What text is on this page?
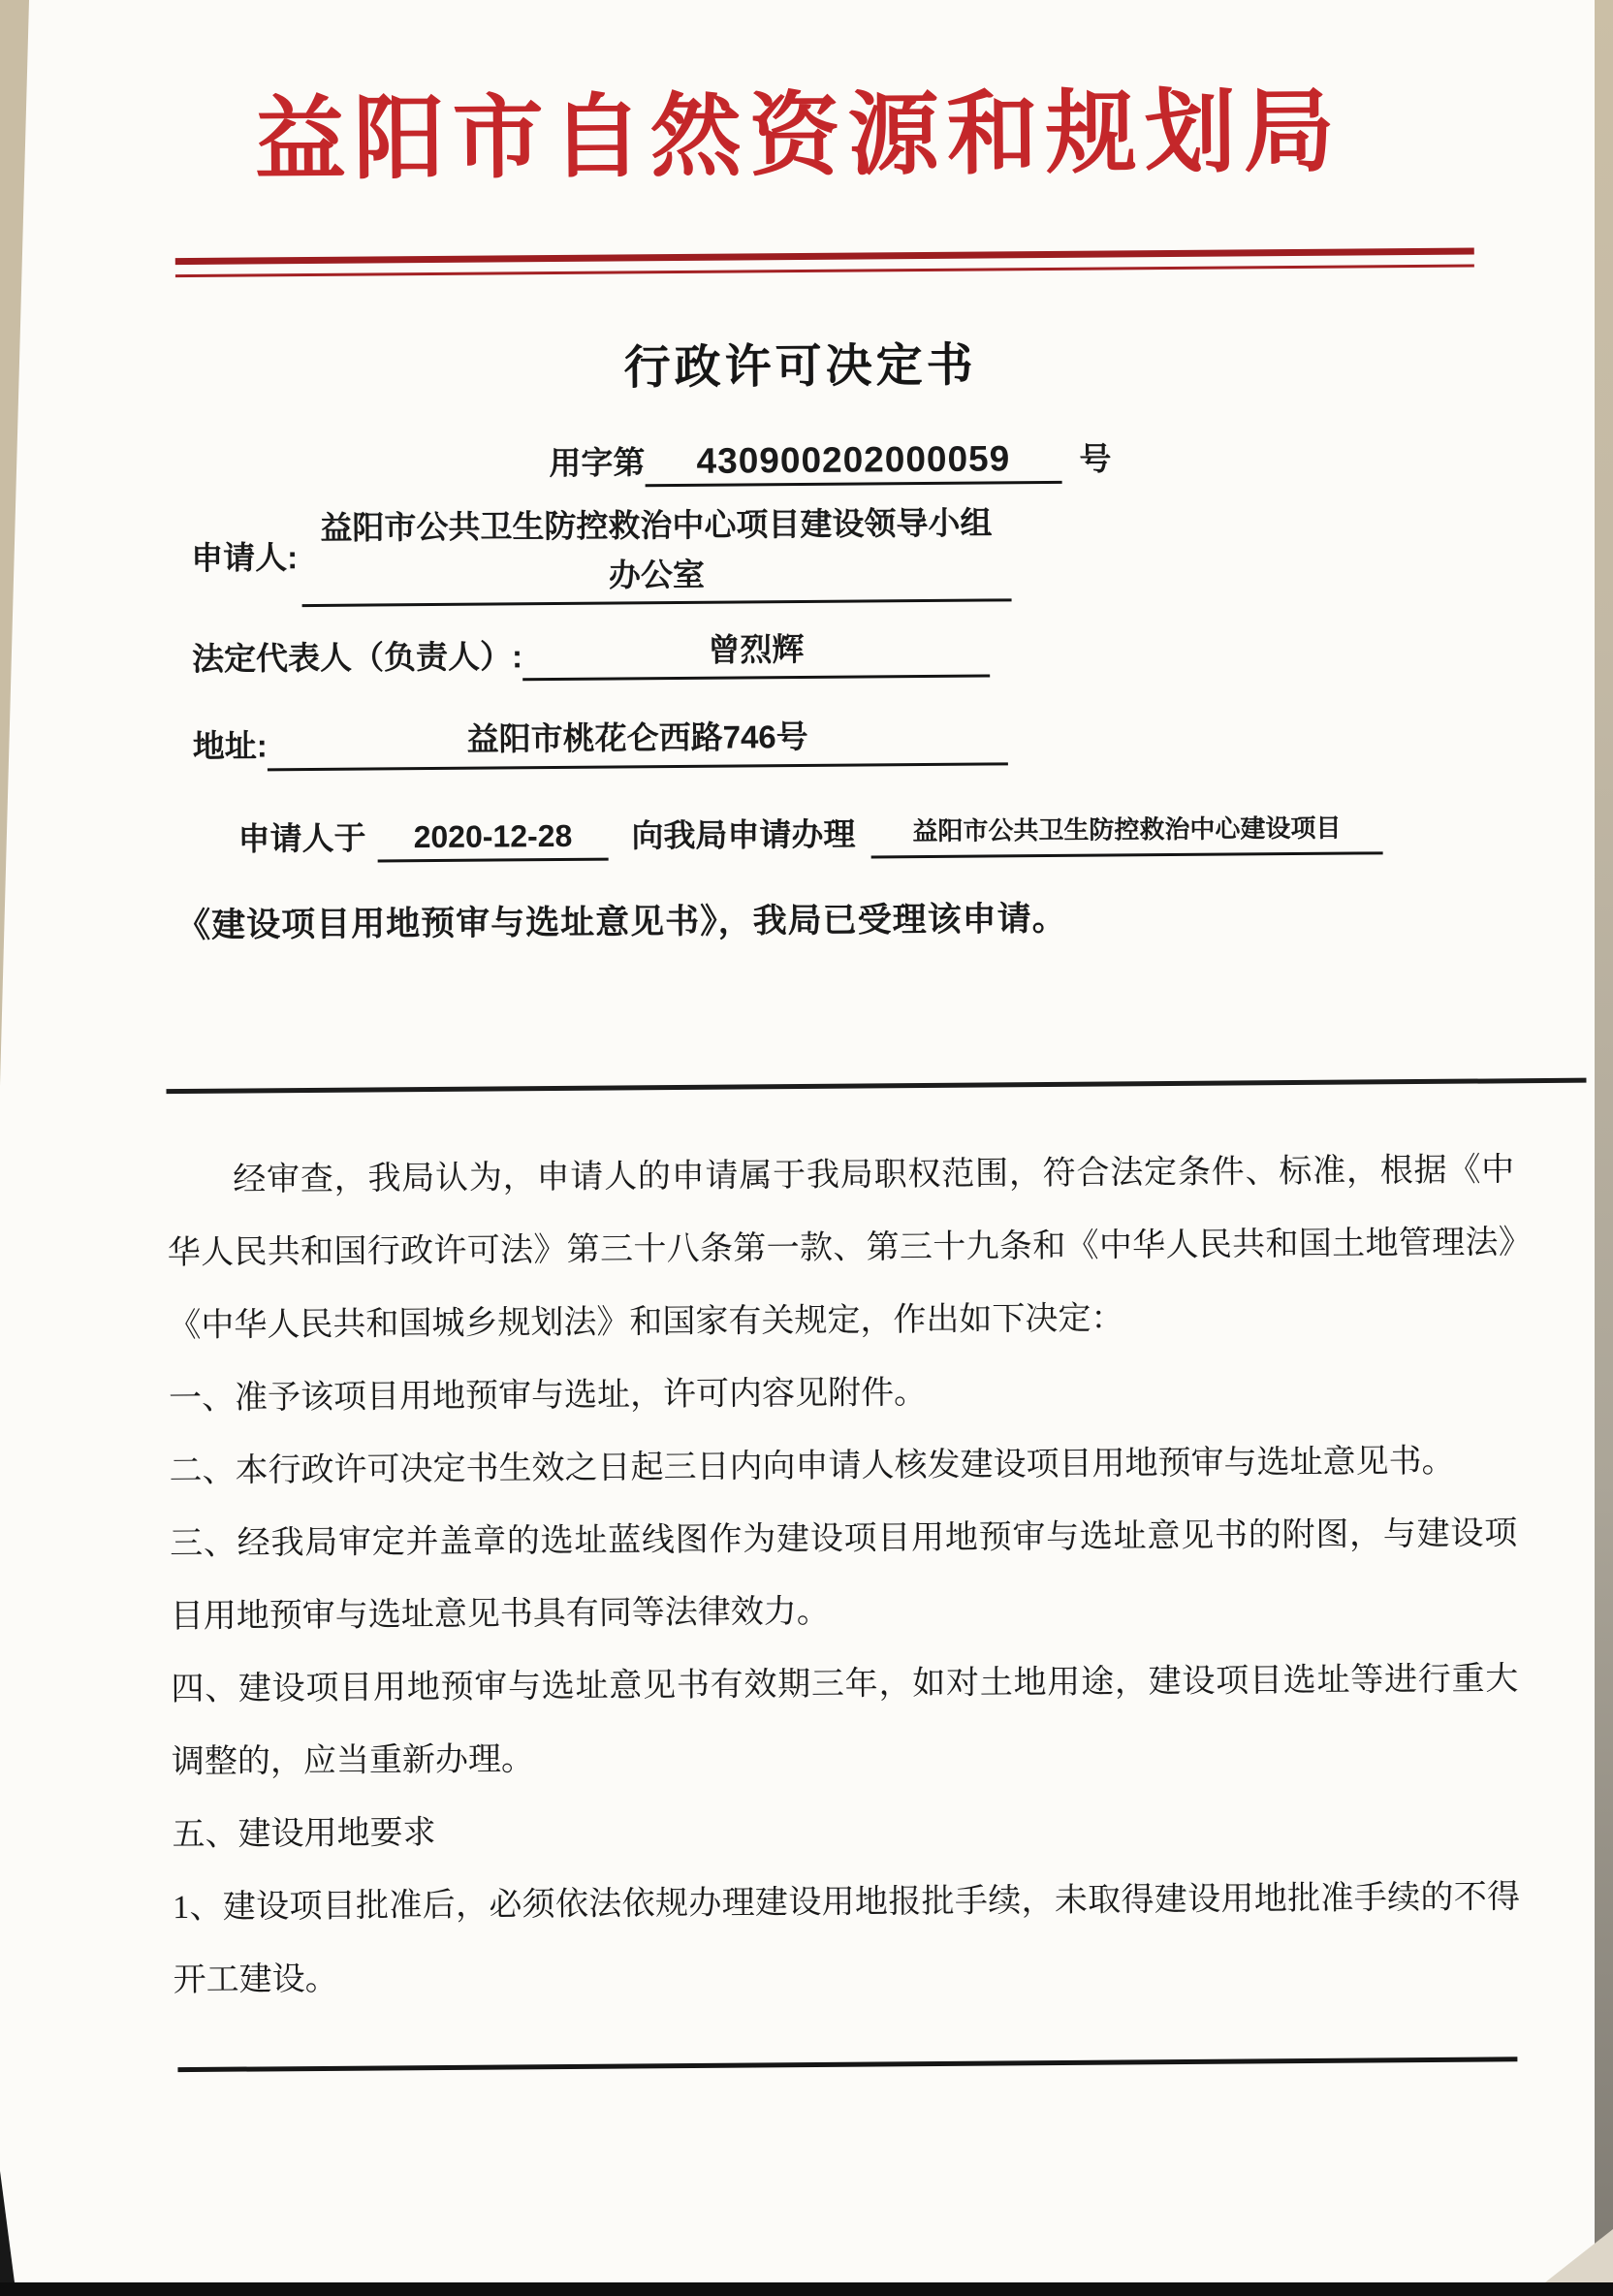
益阳市自然资源和规划局
行政许可决定书
用字第	430900202000059	号
申请人:
益阳市公共卫生防控救治中心项目建设领导小组办公室
法定代表人（负责人）:	曾烈辉
地址:	益阳市桃花仑西路746号
申请人于	2020-12-28	向我局申请办理	益阳市公共卫生防控救治中心建设项目
《建设项目用地预审与选址意见书》，我局已受理该申请。

经审查，我局认为，申请人的申请属于我局职权范围，符合法定条件、标准，根据《中华人民共和国行政许可法》第三十八条第一款、第三十九条和《中华人民共和国土地管理法》《中华人民共和国城乡规划法》和国家有关规定，作出如下决定：

一、准予该项目用地预审与选址，许可内容见附件。

二、本行政许可决定书生效之日起三日内向申请人核发建设项目用地预审与选址意见书。

三、经我局审定并盖章的选址蓝线图作为建设项目用地预审与选址意见书的附图，与建设项目用地预审与选址意见书具有同等法律效力。

四、建设项目用地预审与选址意见书有效期三年，如对土地用途，建设项目选址等进行重大调整的，应当重新办理。

五、建设用地要求

1、建设项目批准后，必须依法依规办理建设用地报批手续，未取得建设用地批准手续的不得开工建设。
